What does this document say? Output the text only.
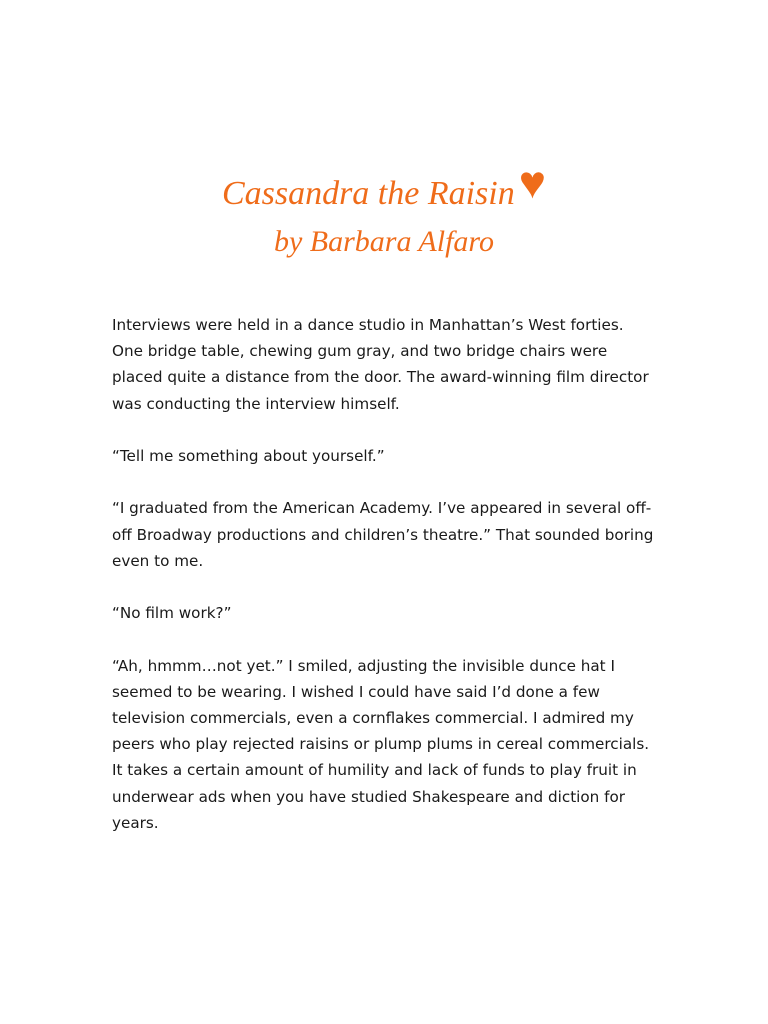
Cassandra the Raisin♥
by Barbara Alfaro

Interviews were held in a dance studio in Manhattan’s West forties. One bridge table, chewing gum gray, and two bridge chairs were placed quite a distance from the door. The award-winning film director was conducting the interview himself.

“Tell me something about yourself.”

“I graduated from the American Academy. I’ve appeared in several off-off Broadway productions and children’s theatre.” That sounded boring even to me.

“No film work?”

“Ah, hmmm…not yet.” I smiled, adjusting the invisible dunce hat I seemed to be wearing. I wished I could have said I’d done a few television commercials, even a cornflakes commercial. I admired my peers who play rejected raisins or plump plums in cereal commercials. It takes a certain amount of humility and lack of funds to play fruit in underwear ads when you have studied Shakespeare and diction for years.
